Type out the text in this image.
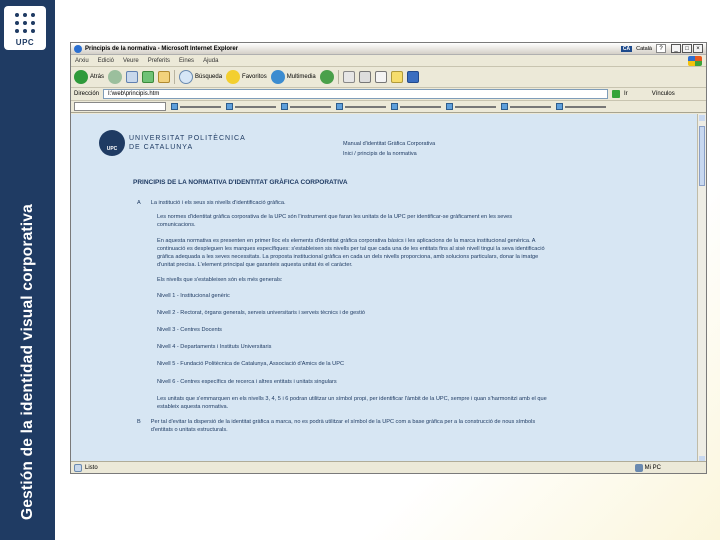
UPC
Gestión de la identidad visual corporativa
Principis de la normativa - Microsoft Internet Explorer	CA	Català	?	_	□	×
Arxiu Edició Veure Preferits Eines Ajuda
Atrás	Búsqueda	Favoritos	Multimedia
Dirección	I:\web\principis.htm	Ir	Vínculos
UPC
UNIVERSITAT POLITÈCNICA
DE CATALUNYA	Manual d'identitat Gràfica Corporativa
Inici / principis de la normativa
PRINCIPIS DE LA NORMATIVA D'IDENTITAT GRÀFICA CORPORATIVA
A La institució i els seus sis nivells d'identificació gràfica.

Les normes d'identitat gràfica corporativa de la UPC són l'instrument que faran les unitats de la UPC per identificar-se gràficament en les seves comunicacions.

En aquesta normativa es presenten en primer lloc els elements d'identitat gràfica corporativa bàsics i les aplicacions de la marca institucional genèrica. A continuació es despleguen les marques específiques: s'estableixen sis nivells per tal que cada una de les entitats fins al sisè nivell tingui la seva identificació gràfica adequada a les seves necessitats. La proposta institucional gràfica en cada un dels nivells proporciona, amb solucions particulars, donar la imatge d'unitat precisa. L'element principal que garanteix aquesta unitat és el caràcter.

Els nivells que s'estableixen són els més generals:

Nivell 1 - Institucional genèric
Nivell 2 - Rectorat, òrgans generals, serveis universitaris i serveis tècnics i de gestió
Nivell 3 - Centres Docents
Nivell 4 - Departaments i Instituts Universitaris
Nivell 5 - Fundació Politècnica de Catalunya, Associació d'Amics de la UPC
Nivell 6 - Centres específics de recerca i altres entitats i unitats singulars

Les unitats que s'emmarquen en els nivells 3, 4, 5 i 6 podran utilitzar un símbol propi, per identificar l'àmbit de la UPC, sempre i quan s'harmonitzi amb el que estableix aquesta normativa.

B Per tal d'evitar la dispersió de la identitat gràfica a marca, no es podrà utilitzar el símbol de la UPC com a base gràfica per a la construcció de nous símbols d'entitats o unitats estructurals.
Listo	Mi PC
